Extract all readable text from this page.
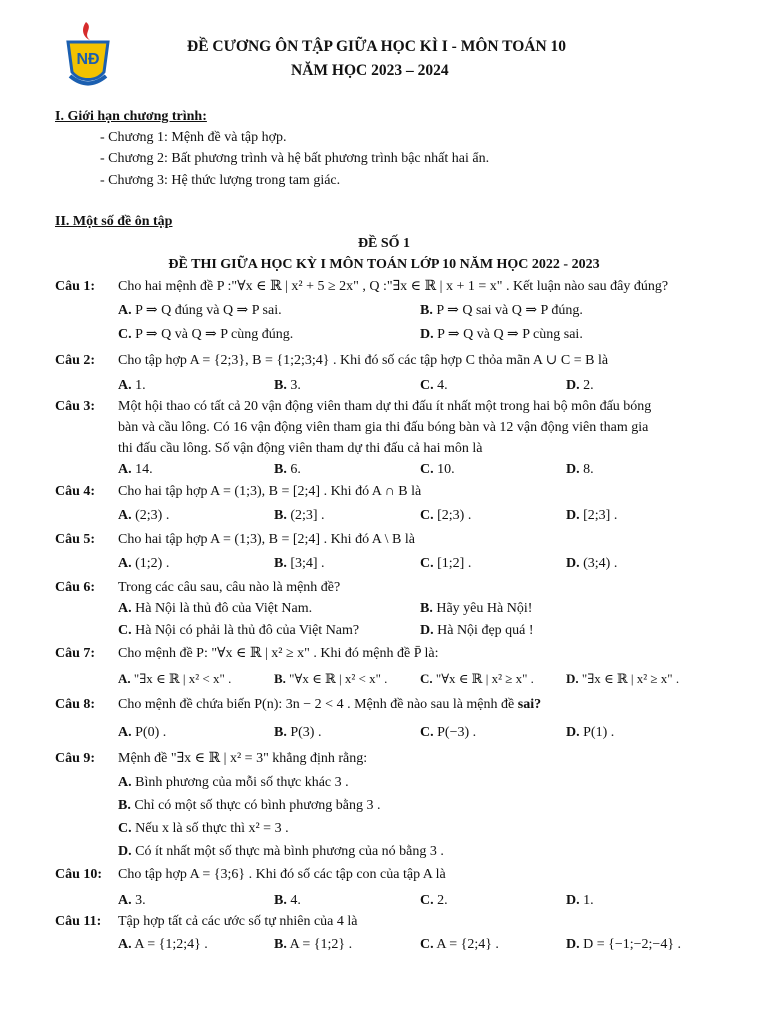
NĐ
ĐỀ CƯƠNG ÔN TẬP GIỮA HỌC KÌ I - MÔN TOÁN 10
NĂM HỌC 2023 – 2024
I. Giới hạn chương trình:
- Chương 1: Mệnh đề và tập hợp.
- Chương 2: Bất phương trình và hệ bất phương trình bậc nhất hai ẩn.
- Chương 3: Hệ thức lượng trong tam giác.
II. Một số đề ôn tập
ĐỀ SỐ 1
ĐỀ THI GIỮA HỌC KỲ I MÔN TOÁN LỚP 10 NĂM HỌC 2022 - 2023
Câu 1: Cho hai mệnh đề P :"∀x ∈ ℝ | x² + 5 ≥ 2x" , Q :"∃x ∈ ℝ | x + 1 = x" . Kết luận nào sau đây đúng?
A. P ⇒ Q đúng và Q ⇒ P sai.	B. P ⇒ Q sai và Q ⇒ P đúng.
C. P ⇒ Q và Q ⇒ P cùng đúng.	D. P ⇒ Q và Q ⇒ P cùng sai.
Câu 2: Cho tập hợp A = {2;3}, B = {1;2;3;4} . Khi đó số các tập hợp C thỏa mãn A ∪ C = B là
A. 1.	B. 3.	C. 4.	D. 2.
Câu 3: Một hội thao có tất cả 20 vận động viên tham dự thi đấu ít nhất một trong hai bộ môn đấu bóng
bàn và cầu lông. Có 16 vận động viên tham gia thi đấu bóng bàn và 12 vận động viên tham gia
thi đấu cầu lông. Số vận động viên tham dự thi đấu cả hai môn là
A. 14.	B. 6.	C. 10.	D. 8.
Câu 4: Cho hai tập hợp A = (1;3), B = [2;4] . Khi đó A ∩ B là
A. (2;3) .	B. (2;3] .	C. [2;3) .	D. [2;3] .
Câu 5: Cho hai tập hợp A = (1;3), B = [2;4] . Khi đó A \ B là
A. (1;2) .	B. [3;4] .	C. [1;2] .	D. (3;4) .
Câu 6: Trong các câu sau, câu nào là mệnh đề?
A. Hà Nội là thủ đô của Việt Nam.	B. Hãy yêu Hà Nội!
C. Hà Nội có phải là thủ đô của Việt Nam?	D. Hà Nội đẹp quá !
Câu 7: Cho mệnh đề P: "∀x ∈ ℝ | x² ≥ x" . Khi đó mệnh đề P̄ là:
A. "∃x ∈ ℝ | x² < x" .	B. "∀x ∈ ℝ | x² < x" .	C. "∀x ∈ ℝ | x² ≥ x" . D. "∃x ∈ ℝ | x² ≥ x" .
Câu 8: Cho mệnh đề chứa biến P(n): 3n − 2 < 4 . Mệnh đề nào sau là mệnh đề sai?
A. P(0) .	B. P(3) .	C. P(−3) .	D. P(1) .
Câu 9: Mệnh đề "∃x ∈ ℝ | x² = 3" khẳng định rằng:
A. Bình phương của mỗi số thực khác 3 .
B. Chỉ có một số thực có bình phương bằng 3 .
C. Nếu x là số thực thì x² = 3 .
D. Có ít nhất một số thực mà bình phương của nó bằng 3 .
Câu 10: Cho tập hợp A = {3;6} . Khi đó số các tập con của tập A là
A. 3.	B. 4.	C. 2.	D. 1.
Câu 11: Tập hợp tất cả các ước số tự nhiên của 4 là
A. A = {1;2;4} .	B. A = {1;2} .	C. A = {2;4} .	D. D = {−1;−2;−4} .
